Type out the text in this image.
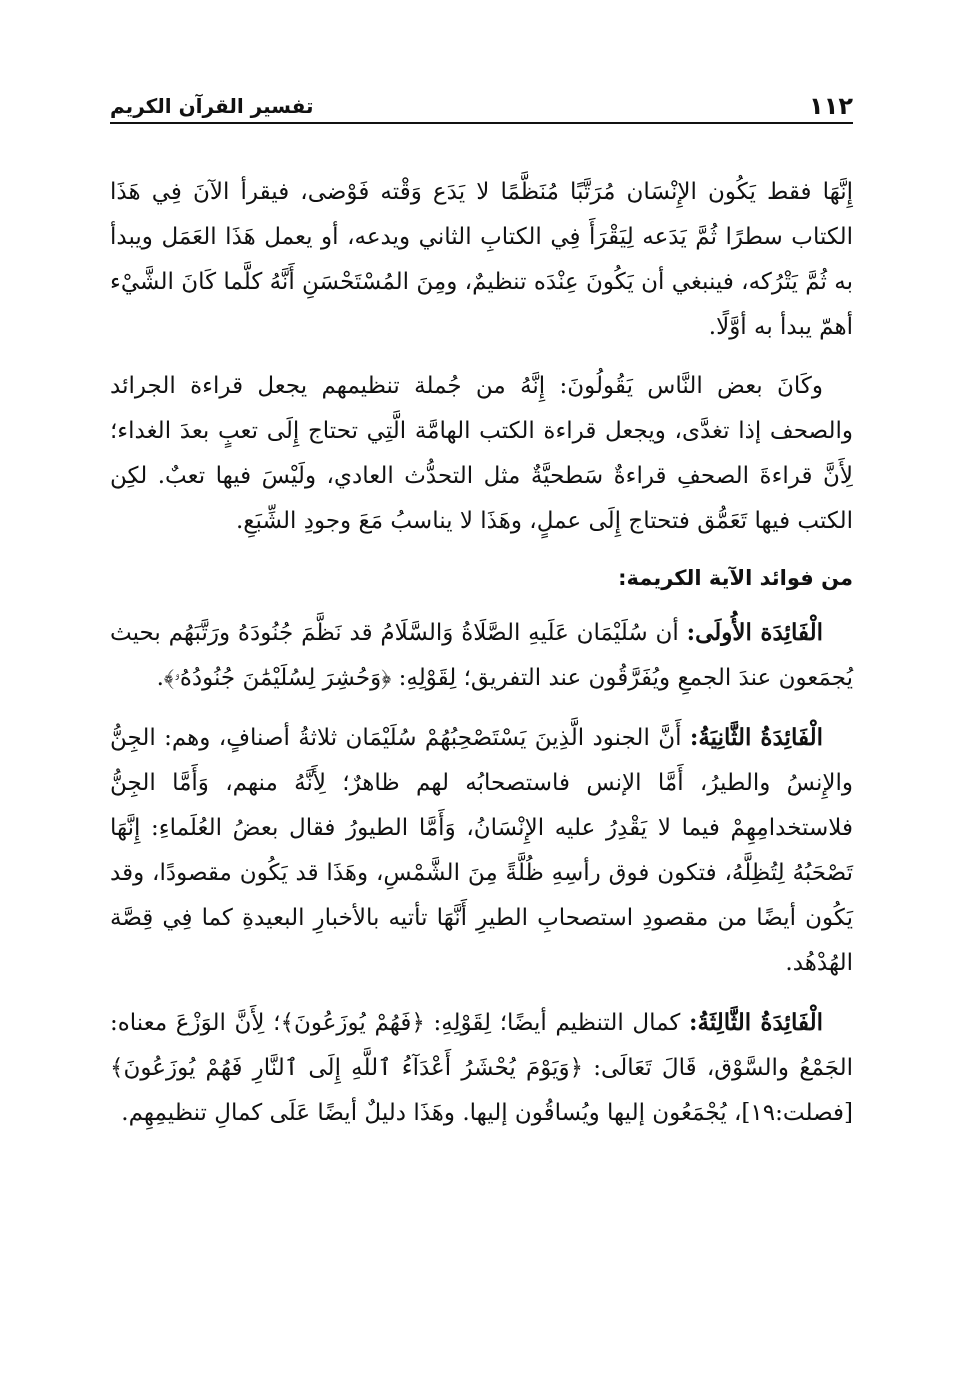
١١٢
تفسير القرآن الكريم

إِنَّهَا فقط يَكُون الإِنْسَان مُرَتَّبًا مُنَظَّمًا لا يَدَع وَقْته فَوْضى، فيقرأ الآنَ فِي هَذَا الكتاب سطرًا ثُمَّ يَدَعه لِيَقْرَأَ فِي الكتابِ الثاني ويدعه، أو يعمل هَذَا العَمَل ويبدأ به ثُمَّ يَتْرُكه، فينبغي أن يَكُونَ عِنْدَه تنظيمٌ، ومِنَ المُسْتَحْسَنِ أَنَّهُ كلَّما كَانَ الشَّيْء أهمّ يبدأ به أوَّلًا.

وكَانَ بعض النَّاس يَقُولُونَ: إِنَّهُ من جُملة تنظيمهم يجعل قراءة الجرائد والصحف إذا تغدَّى، ويجعل قراءة الكتب الهامَّة الَّتِي تحتاج إِلَى تعبٍ بعدَ الغداء؛ لِأَنَّ قراءةَ الصحفِ قراءةٌ سَطحيَّةٌ مثل التحدُّث العادي، ولَيْسَ فيها تعبٌ. لكِن الكتب فيها تَعَمُّق فتحتاج إِلَى عملٍ، وهَذَا لا يناسبُ مَعَ وجودِ الشِّبَعِ.

من فوائد الآية الكريمة:

الْفَائِدَة الأُولَى: أن سُلَيْمَان عَلَيهِ الصَّلَاةُ وَالسَّلَامُ قد نَظَّمَ جُنُودَهُ ورَتَّبَهُم بحيث يُجمَعون عندَ الجمعِ ويُفَرَّقُون عند التفريق؛ لِقَوْلِهِ: ﴿وَحُشِرَ لِسُلَيْمَٰنَ جُنُودُهُۥ﴾.

الْفَائِدَةُ الثَّانِيَةُ: أَنَّ الجنود الَّذِينَ يَسْتَصْحِبُهُمْ سُلَيْمَان ثلاثةُ أصنافٍ، وهم: الجِنُّ والإِنسُ والطيرُ، أَمَّا الإنس فاستصحابُه لهم ظاهرٌ؛ لِأَنَّهُ منهم، وَأَمَّا الجِنُّ فلاستخدامِهِمْ فيما لا يَقْدِرُ عليه الإِنْسَانُ، وَأَمَّا الطيورُ فقال بعضُ العُلَماءِ: إِنَّهَا تَصْحَبُهُ لِتُظِلَّهُ، فتكون فوق رأسِهِ ظُلَّةً مِنَ الشَّمْسِ، وهَذَا قد يَكُون مقصودًا، وقد يَكُون أيضًا من مقصودِ استصحابِ الطيرِ أَنَّهَا تأتيه بالأخبارِ البعيدةِ كما فِي قِصَّة الهُدْهُد.

الْفَائِدَةُ الثَّالِثَةُ: كمال التنظيم أيضًا؛ لِقَوْلِهِ: ﴿فَهُمْ يُوزَعُونَ﴾؛ لِأَنَّ الوَزْعَ معناه: الجَمْعُ والسَّوْق، قَالَ تَعَالَى: ﴿وَيَوْمَ يُحْشَرُ أَعْدَآءُ ٱللَّهِ إِلَى ٱلنَّارِ فَهُمْ يُوزَعُونَ﴾ [فصلت:١٩]، يُجْمَعُون إليها ويُساقُون إليها. وهَذَا دليلٌ أيضًا عَلَى كمالِ تنظيمِهِم.
